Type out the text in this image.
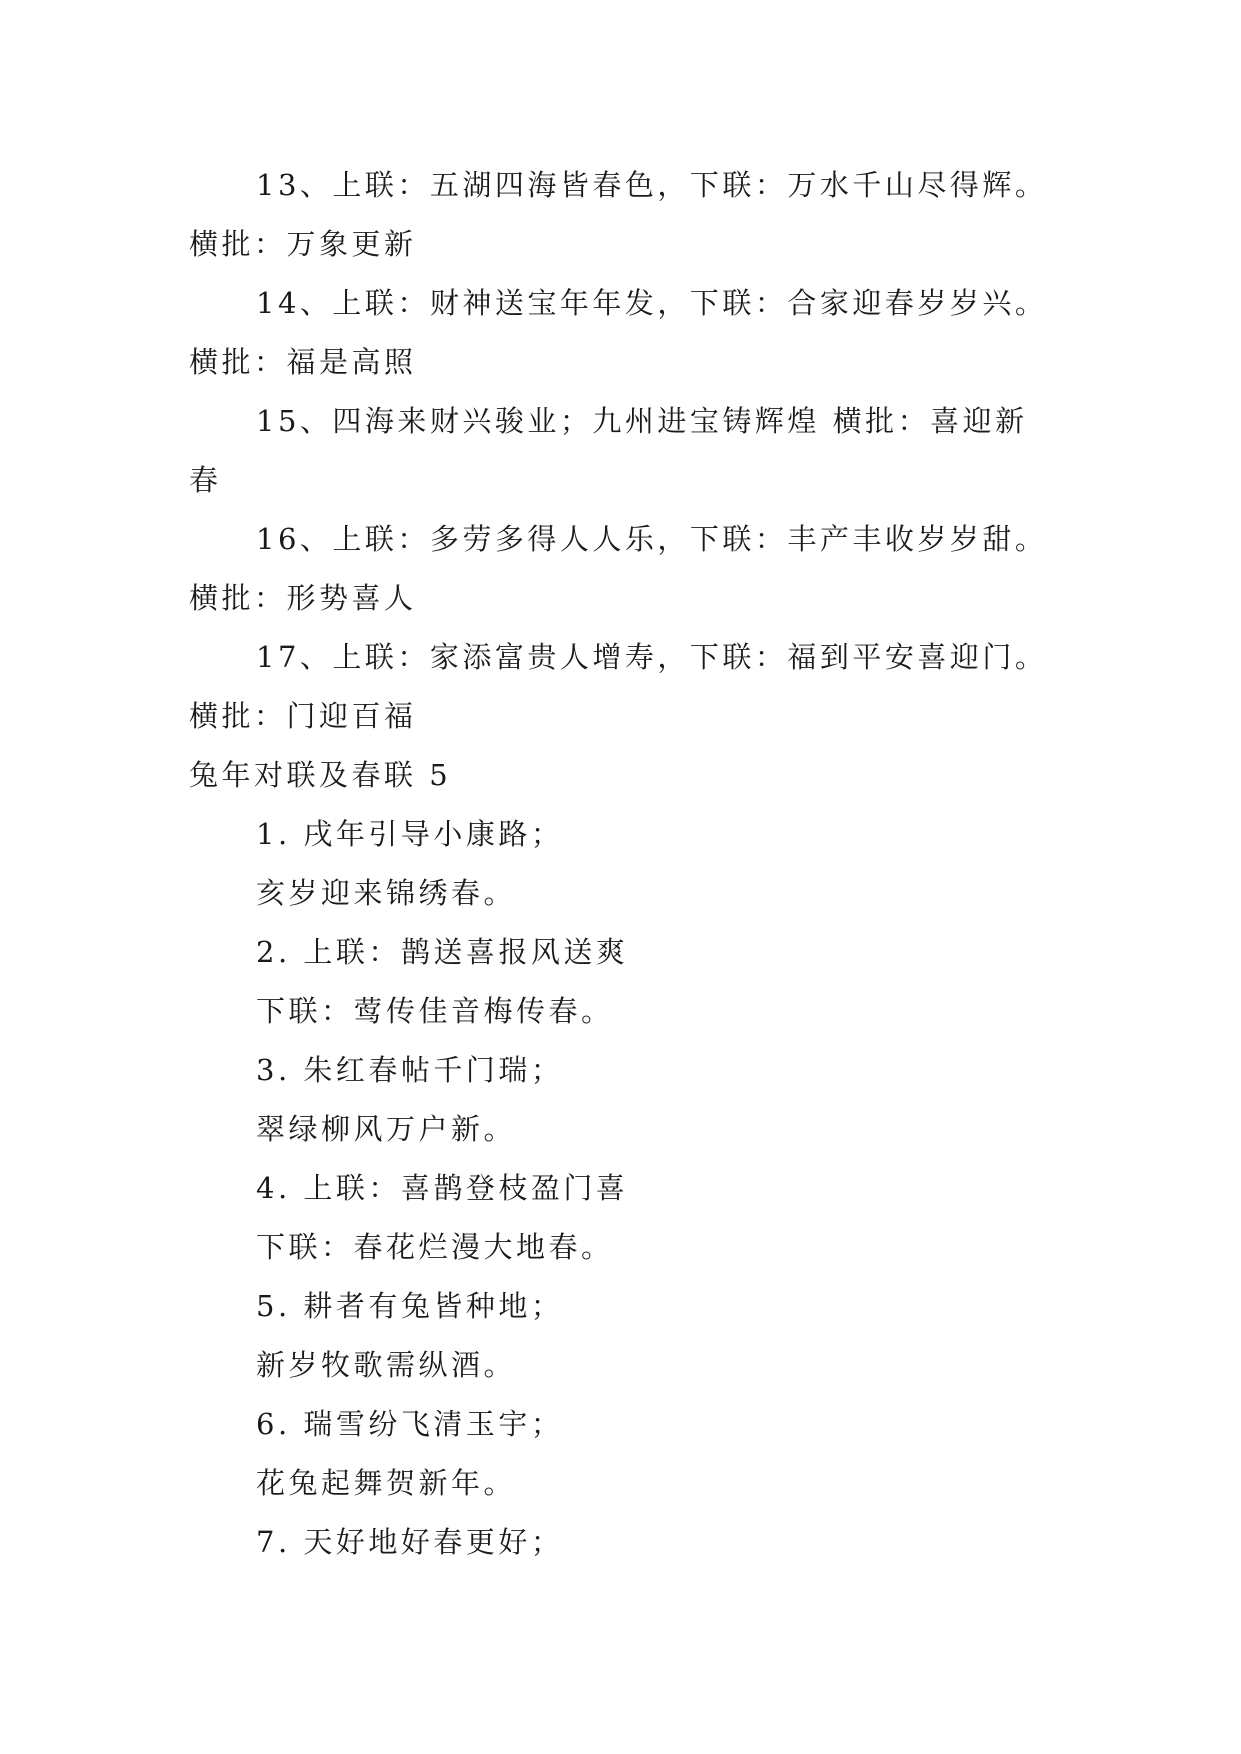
13、上联：五湖四海皆春色，下联：万水千山尽得辉。
横批：万象更新
14、上联：财神送宝年年发，下联：合家迎春岁岁兴。
横批：福是高照
15、四海来财兴骏业；九州进宝铸辉煌 横批：喜迎新
春
16、上联：多劳多得人人乐，下联：丰产丰收岁岁甜。
横批：形势喜人
17、上联：家添富贵人增寿，下联：福到平安喜迎门。
横批：门迎百福
兔年对联及春联 5
1. 戌年引导小康路；
亥岁迎来锦绣春。
2. 上联：鹊送喜报风送爽
下联：莺传佳音梅传春。
3. 朱红春帖千门瑞；
翠绿柳风万户新。
4. 上联：喜鹊登枝盈门喜
下联：春花烂漫大地春。
5. 耕者有兔皆种地；
新岁牧歌需纵酒。
6. 瑞雪纷飞清玉宇；
花兔起舞贺新年。
7. 天好地好春更好；
